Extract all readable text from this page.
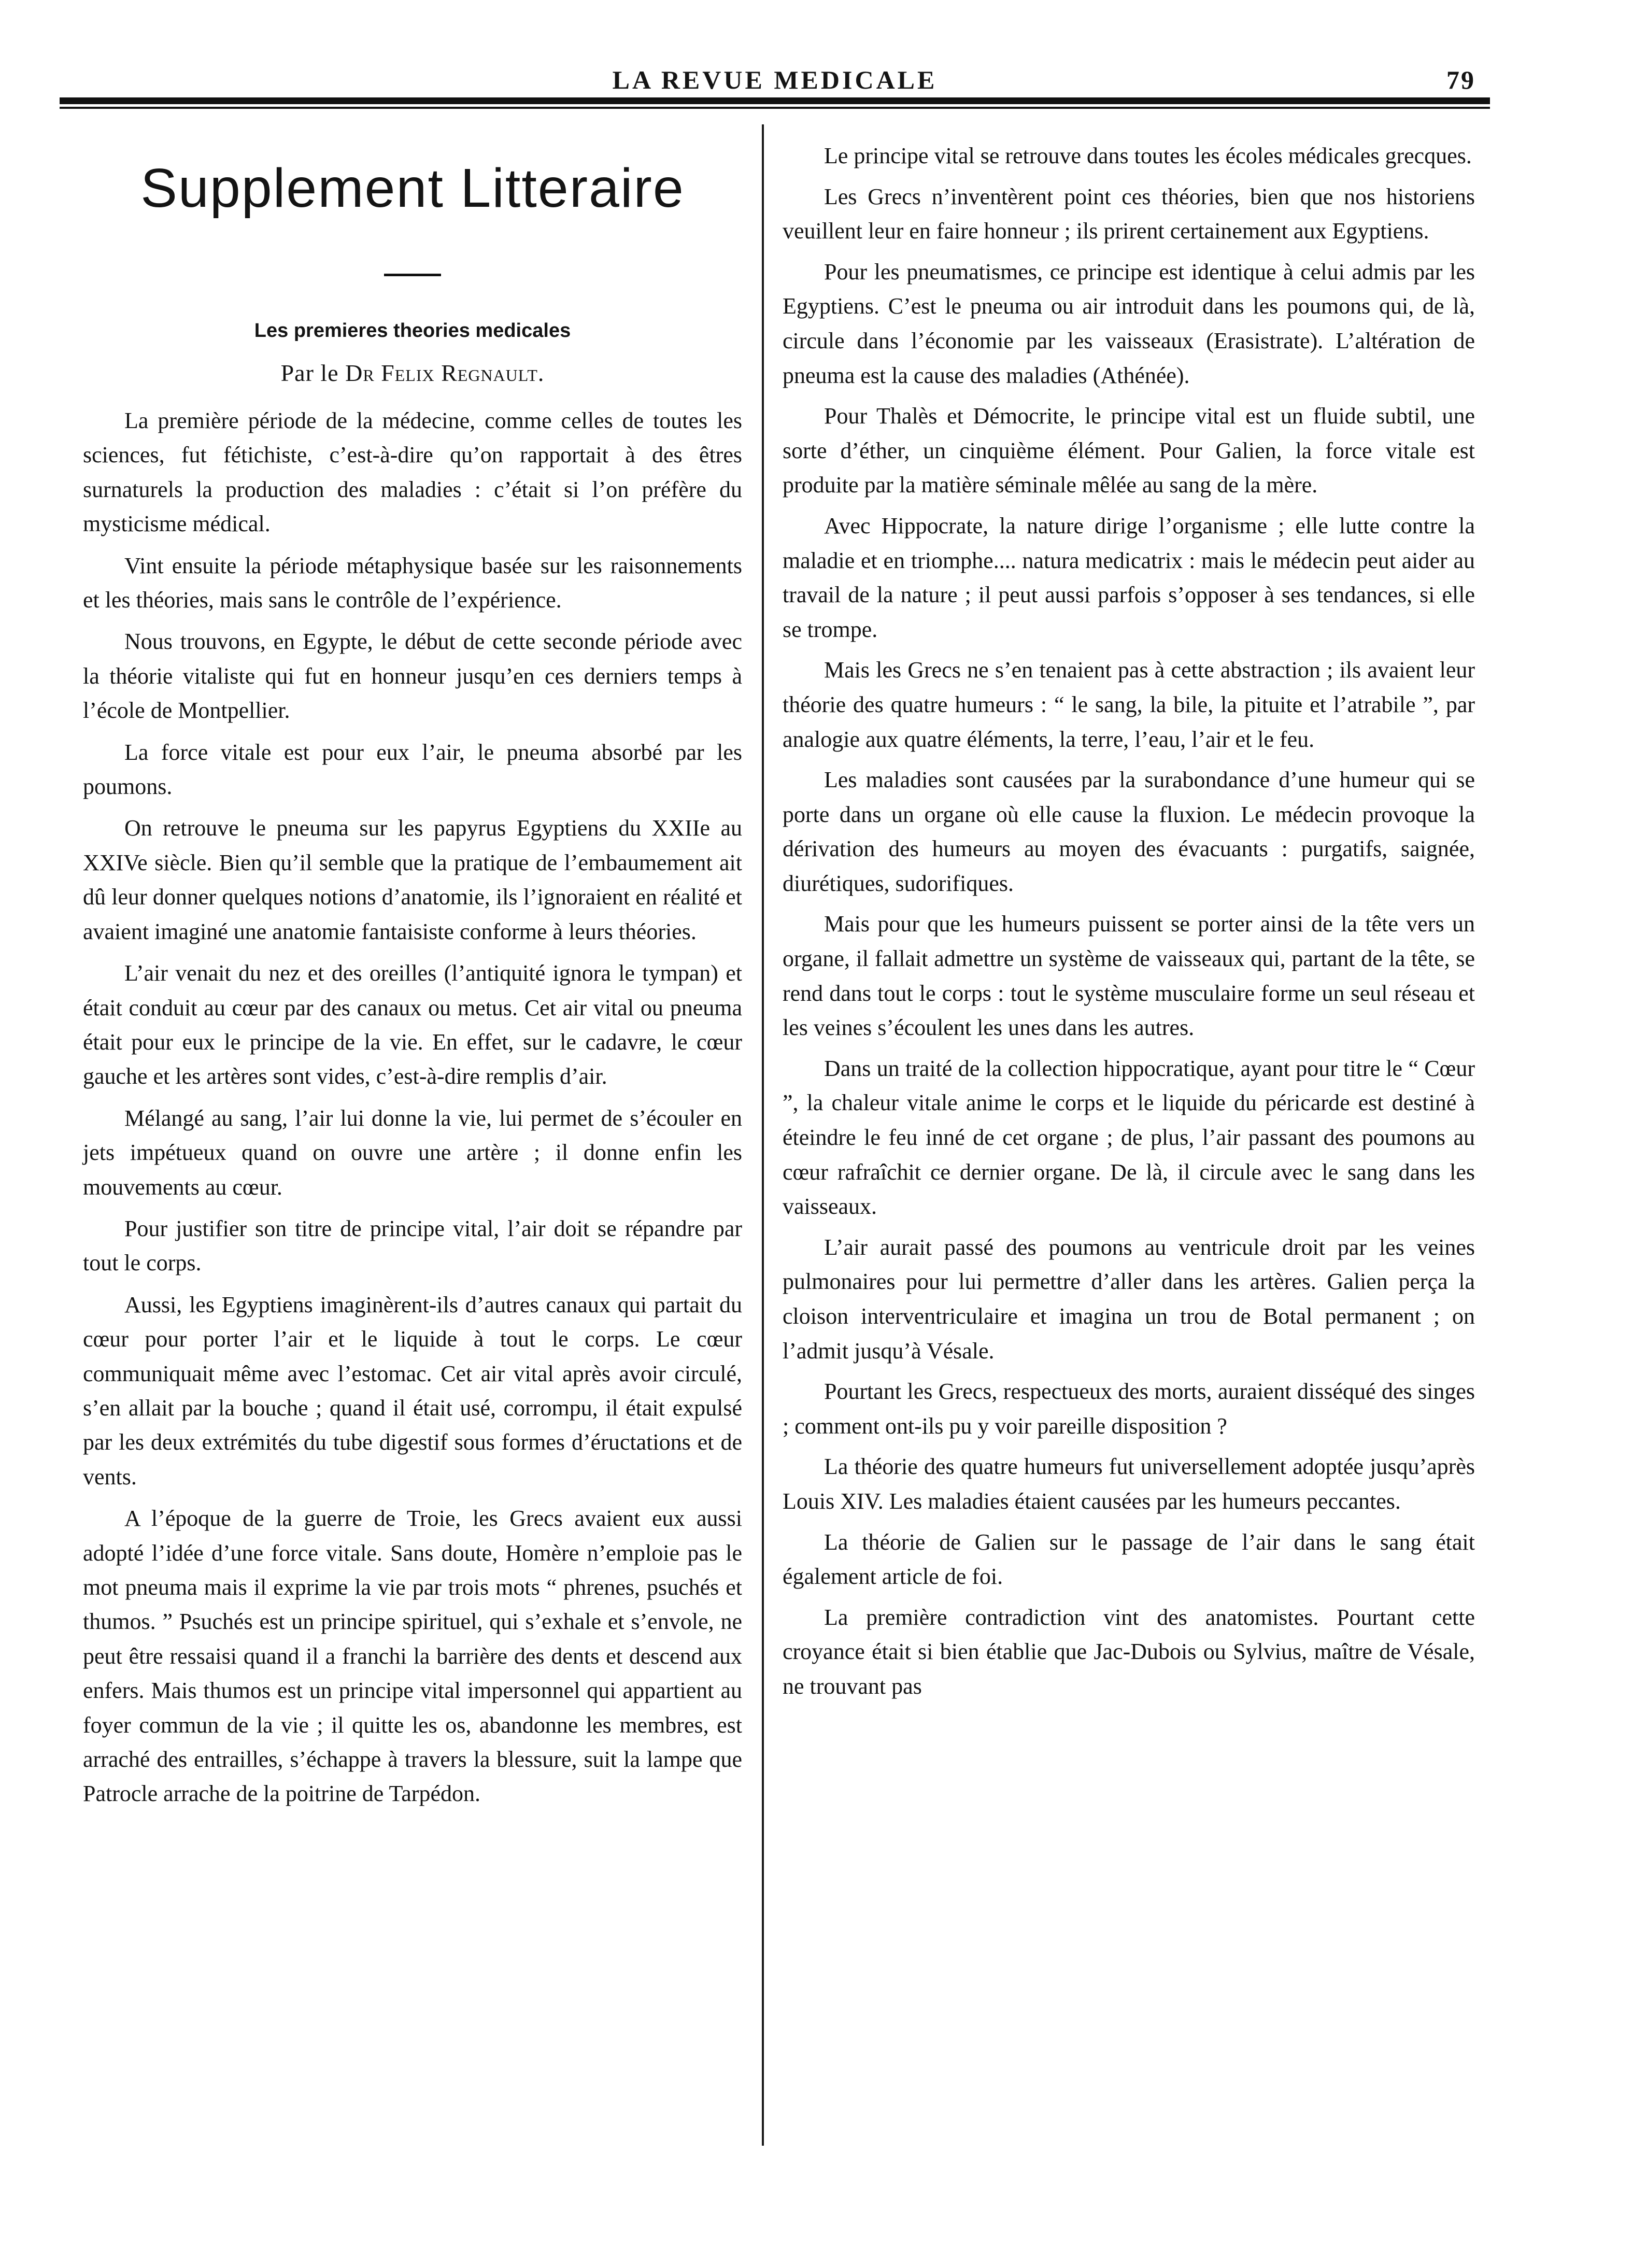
LA REVUE MEDICALE	79
Supplement Litteraire
Les premieres theories medicales
Par le Dr Felix Regnault.

La première période de la médecine, comme celles de toutes les sciences, fut fétichiste, c’est-à-dire qu’on rapportait à des êtres surnaturels la production des maladies : c’était si l’on préfère du mysticisme médical.

Vint ensuite la période métaphysique basée sur les raisonnements et les théories, mais sans le contrôle de l’expérience.

Nous trouvons, en Egypte, le début de cette seconde période avec la théorie vitaliste qui fut en honneur jusqu’en ces derniers temps à l’école de Montpellier.

La force vitale est pour eux l’air, le pneuma absorbé par les poumons.

On retrouve le pneuma sur les papyrus Egyptiens du XXIIe au XXIVe siècle. Bien qu’il semble que la pratique de l’embaumement ait dû leur donner quelques notions d’anatomie, ils l’ignoraient en réalité et avaient imaginé une anatomie fantaisiste conforme à leurs théories.

L’air venait du nez et des oreilles (l’antiquité ignora le tympan) et était conduit au cœur par des canaux ou metus. Cet air vital ou pneuma était pour eux le principe de la vie. En effet, sur le cadavre, le cœur gauche et les artères sont vides, c’est-à-dire remplis d’air.

Mélangé au sang, l’air lui donne la vie, lui permet de s’écouler en jets impétueux quand on ouvre une artère ; il donne enfin les mouvements au cœur.

Pour justifier son titre de principe vital, l’air doit se répandre par tout le corps.

Aussi, les Egyptiens imaginèrent-ils d’autres canaux qui partait du cœur pour porter l’air et le liquide à tout le corps. Le cœur communiquait même avec l’estomac. Cet air vital après avoir circulé, s’en allait par la bouche ; quand il était usé, corrompu, il était expulsé par les deux extrémités du tube digestif sous formes d’éructations et de vents.

A l’époque de la guerre de Troie, les Grecs avaient eux aussi adopté l’idée d’une force vitale. Sans doute, Homère n’emploie pas le mot pneuma mais il exprime la vie par trois mots “ phrenes, psuchés et thumos. ” Psuchés est un principe spirituel, qui s’exhale et s’envole, ne peut être ressaisi quand il a franchi la barrière des dents et descend aux enfers. Mais thumos est un principe vital impersonnel qui appartient au foyer commun de la vie ; il quitte les os, abandonne les membres, est arraché des entrailles, s’échappe à travers la blessure, suit la lampe que Patrocle arrache de la poitrine de Tarpédon.

Le principe vital se retrouve dans toutes les écoles médicales grecques.

Les Grecs n’inventèrent point ces théories, bien que nos historiens veuillent leur en faire honneur ; ils prirent certainement aux Egyptiens.

Pour les pneumatismes, ce principe est identique à celui admis par les Egyptiens. C’est le pneuma ou air introduit dans les poumons qui, de là, circule dans l’économie par les vaisseaux (Erasistrate). L’altération de pneuma est la cause des maladies (Athénée).

Pour Thalès et Démocrite, le principe vital est un fluide subtil, une sorte d’éther, un cinquième élément. Pour Galien, la force vitale est produite par la matière séminale mêlée au sang de la mère.

Avec Hippocrate, la nature dirige l’organisme ; elle lutte contre la maladie et en triomphe.... natura medicatrix : mais le médecin peut aider au travail de la nature ; il peut aussi parfois s’opposer à ses tendances, si elle se trompe.

Mais les Grecs ne s’en tenaient pas à cette abstraction ; ils avaient leur théorie des quatre humeurs : “ le sang, la bile, la pituite et l’atrabile ”, par analogie aux quatre éléments, la terre, l’eau, l’air et le feu.

Les maladies sont causées par la surabondance d’une humeur qui se porte dans un organe où elle cause la fluxion. Le médecin provoque la dérivation des humeurs au moyen des évacuants : purgatifs, saignée, diurétiques, sudorifiques.

Mais pour que les humeurs puissent se porter ainsi de la tête vers un organe, il fallait admettre un système de vaisseaux qui, partant de la tête, se rend dans tout le corps : tout le système musculaire forme un seul réseau et les veines s’écoulent les unes dans les autres.

Dans un traité de la collection hippocratique, ayant pour titre le “ Cœur ”, la chaleur vitale anime le corps et le liquide du péricarde est destiné à éteindre le feu inné de cet organe ; de plus, l’air passant des poumons au cœur rafraîchit ce dernier organe. De là, il circule avec le sang dans les vaisseaux.

L’air aurait passé des poumons au ventricule droit par les veines pulmonaires pour lui permettre d’aller dans les artères. Galien perça la cloison interventriculaire et imagina un trou de Botal permanent ; on l’admit jusqu’à Vésale.

Pourtant les Grecs, respectueux des morts, auraient disséqué des singes ; comment ont-ils pu y voir pareille disposition ?

La théorie des quatre humeurs fut universellement adoptée jusqu’après Louis XIV. Les maladies étaient causées par les humeurs peccantes.

La théorie de Galien sur le passage de l’air dans le sang était également article de foi.

La première contradiction vint des anatomistes. Pourtant cette croyance était si bien établie que Jac-Dubois ou Sylvius, maître de Vésale, ne trouvant pas
